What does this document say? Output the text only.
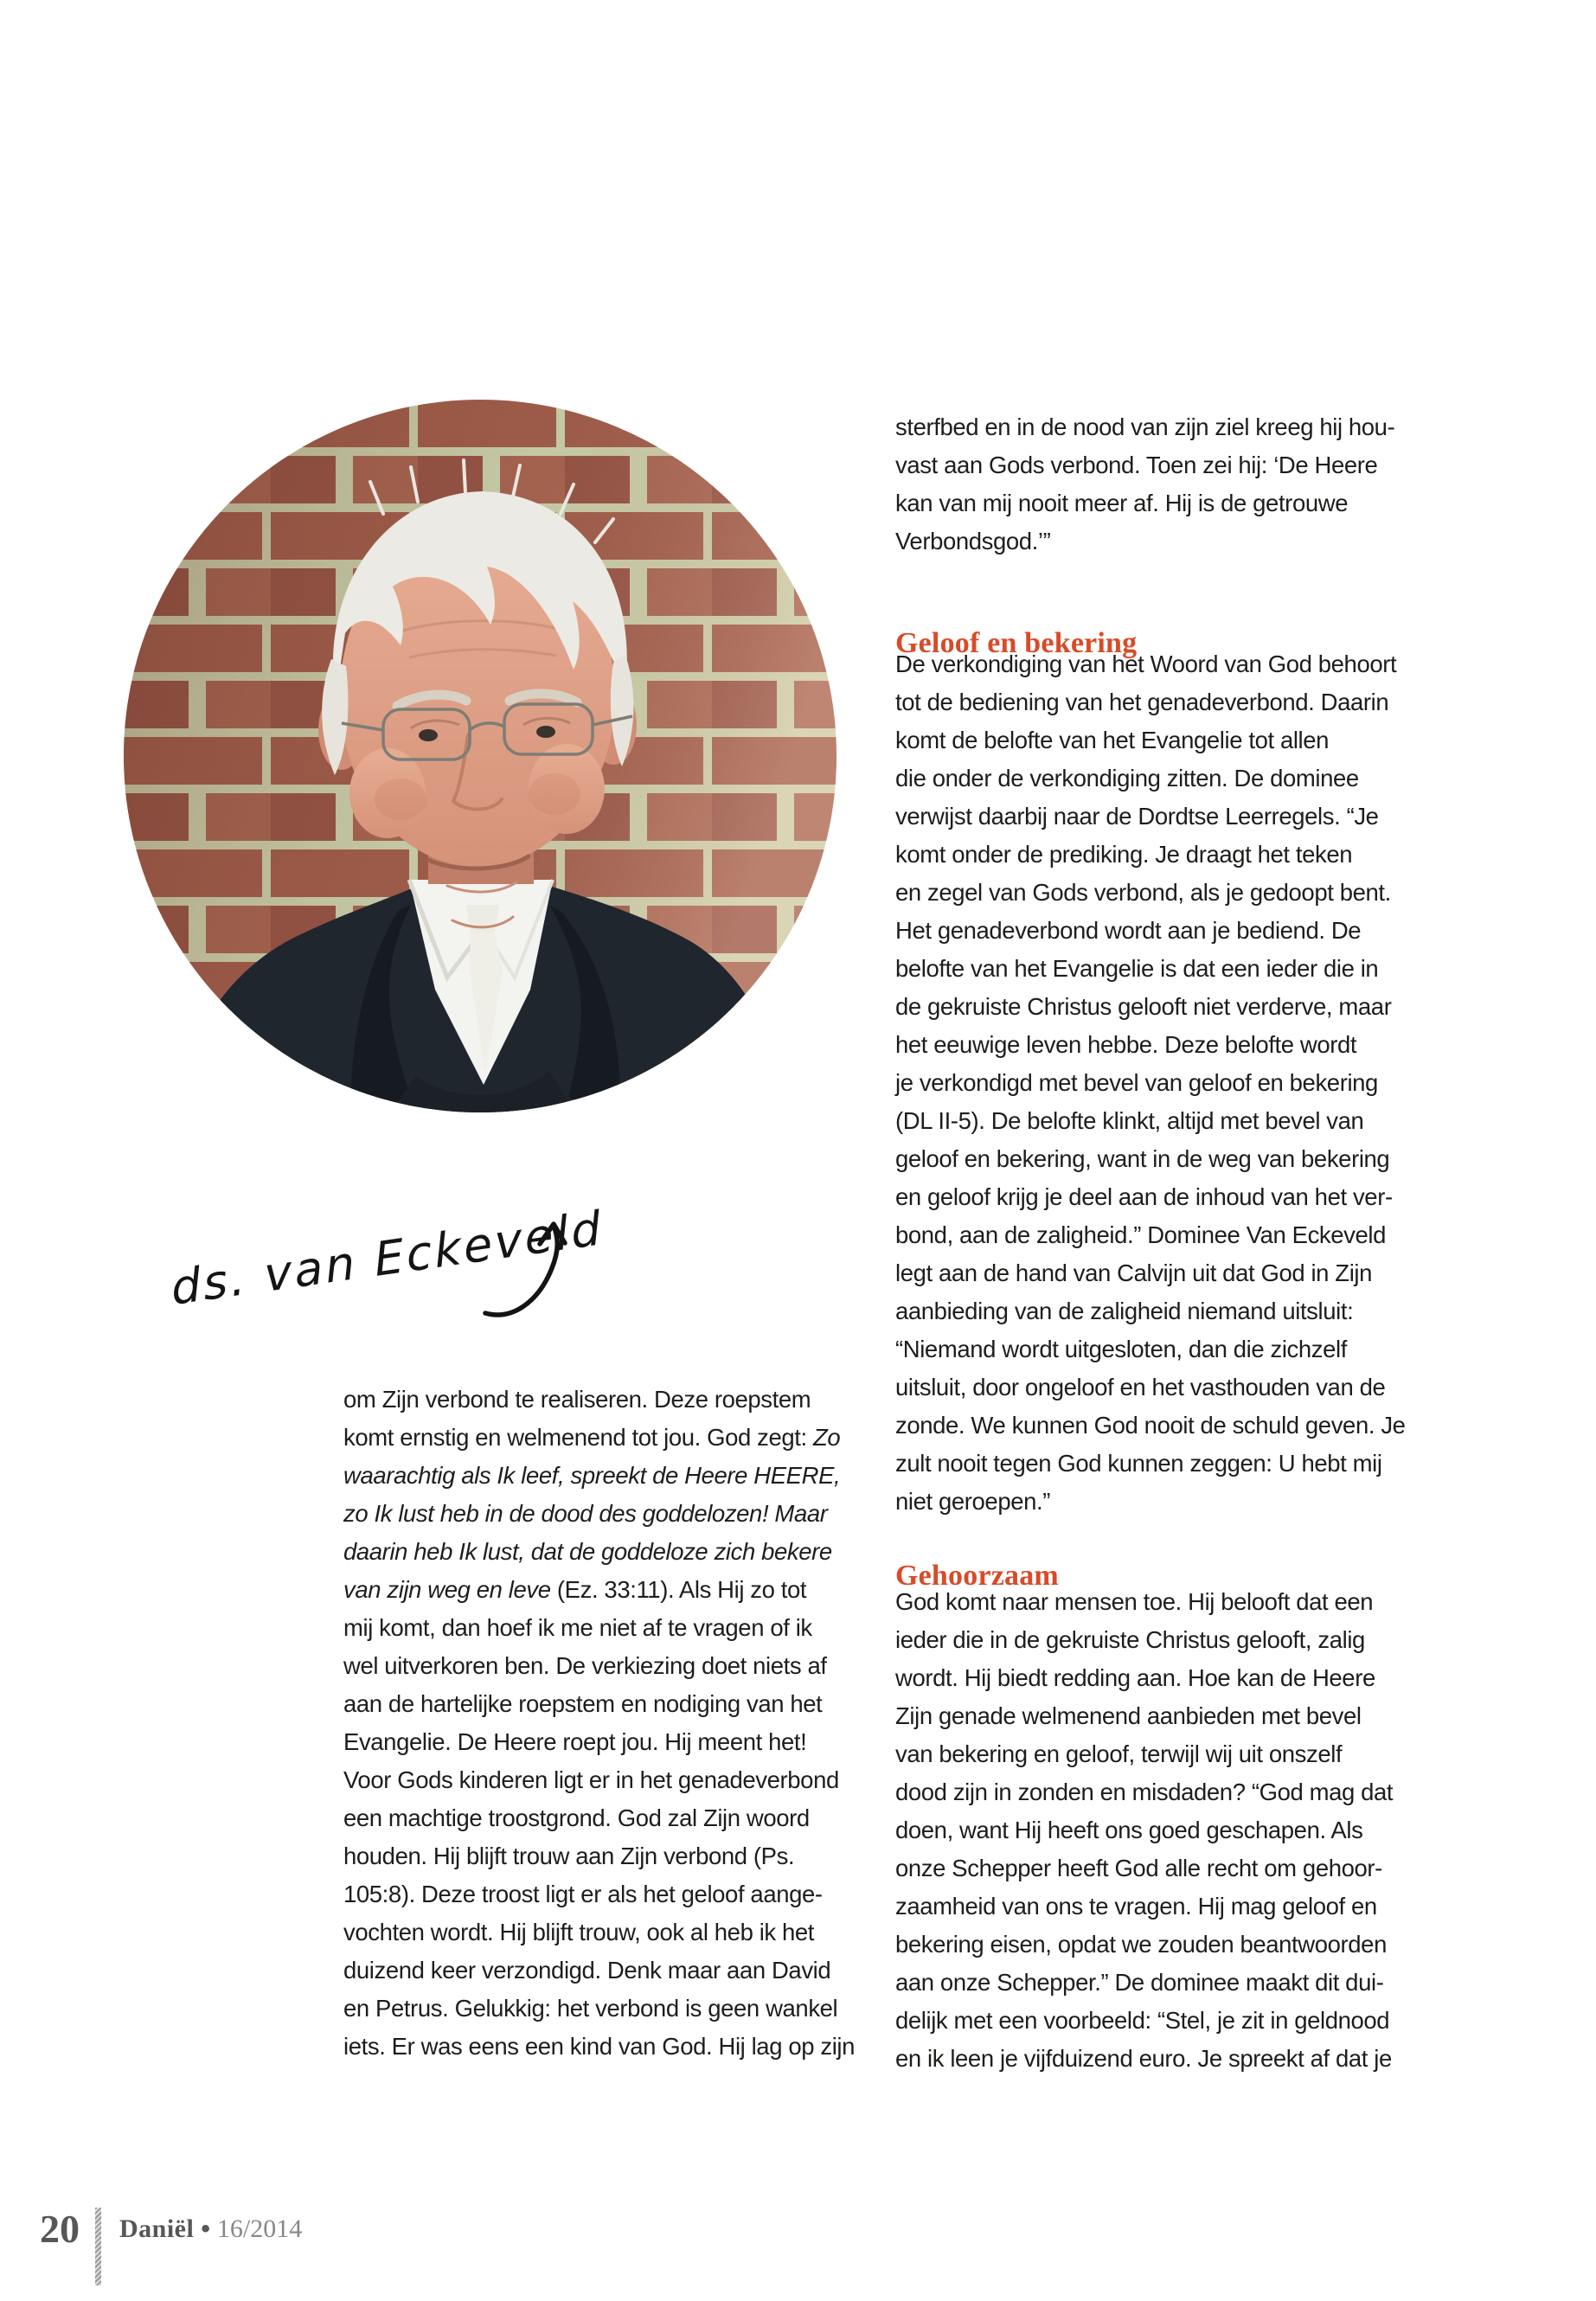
ds. van Eckeveld

om Zijn verbond te realiseren. Deze roepstem
komt ernstig en welmenend tot jou. God zegt: Zo
waarachtig als Ik leef, spreekt de Heere HEERE,
zo Ik lust heb in de dood des goddelozen! Maar
daarin heb Ik lust, dat de goddeloze zich bekere
van zijn weg en leve (Ez. 33:11). Als Hij zo tot
mij komt, dan hoef ik me niet af te vragen of ik
wel uitverkoren ben. De verkiezing doet niets af
aan de hartelijke roepstem en nodiging van het
Evangelie. De Heere roept jou. Hij meent het!
Voor Gods kinderen ligt er in het genadeverbond
een machtige troostgrond. God zal Zijn woord
houden. Hij blijft trouw aan Zijn verbond (Ps.
105:8). Deze troost ligt er als het geloof aange-
vochten wordt. Hij blijft trouw, ook al heb ik het
duizend keer verzondigd. Denk maar aan David
en Petrus. Gelukkig: het verbond is geen wankel
iets. Er was eens een kind van God. Hij lag op zijn

sterfbed en in de nood van zijn ziel kreeg hij hou-
vast aan Gods verbond. Toen zei hij: ‘De Heere
kan van mij nooit meer af. Hij is de getrouwe
Verbondsgod.’”

Geloof en bekering

De verkondiging van het Woord van God behoort
tot de bediening van het genadeverbond. Daarin
komt de belofte van het Evangelie tot allen
die onder de verkondiging zitten. De dominee
verwijst daarbij naar de Dordtse Leerregels. “Je
komt onder de prediking. Je draagt het teken
en zegel van Gods verbond, als je gedoopt bent.
Het genadeverbond wordt aan je bediend. De
belofte van het Evangelie is dat een ieder die in
de gekruiste Christus gelooft niet verderve, maar
het eeuwige leven hebbe. Deze belofte wordt
je verkondigd met bevel van geloof en bekering
(DL II-5). De belofte klinkt, altijd met bevel van
geloof en bekering, want in de weg van bekering
en geloof krijg je deel aan de inhoud van het ver-
bond, aan de zaligheid.” Dominee Van Eckeveld
legt aan de hand van Calvijn uit dat God in Zijn
aanbieding van de zaligheid niemand uitsluit:
“Niemand wordt uitgesloten, dan die zichzelf
uitsluit, door ongeloof en het vasthouden van de
zonde. We kunnen God nooit de schuld geven. Je
zult nooit tegen God kunnen zeggen: U hebt mij
niet geroepen.”

Gehoorzaam

God komt naar mensen toe. Hij belooft dat een
ieder die in de gekruiste Christus gelooft, zalig
wordt. Hij biedt redding aan. Hoe kan de Heere
Zijn genade welmenend aanbieden met bevel
van bekering en geloof, terwijl wij uit onszelf
dood zijn in zonden en misdaden? “God mag dat
doen, want Hij heeft ons goed geschapen. Als
onze Schepper heeft God alle recht om gehoor-
zaamheid van ons te vragen. Hij mag geloof en
bekering eisen, opdat we zouden beantwoorden
aan onze Schepper.” De dominee maakt dit dui-
delijk met een voorbeeld: “Stel, je zit in geldnood
en ik leen je vijfduizend euro. Je spreekt af dat je

20 Daniël • 16/2014
